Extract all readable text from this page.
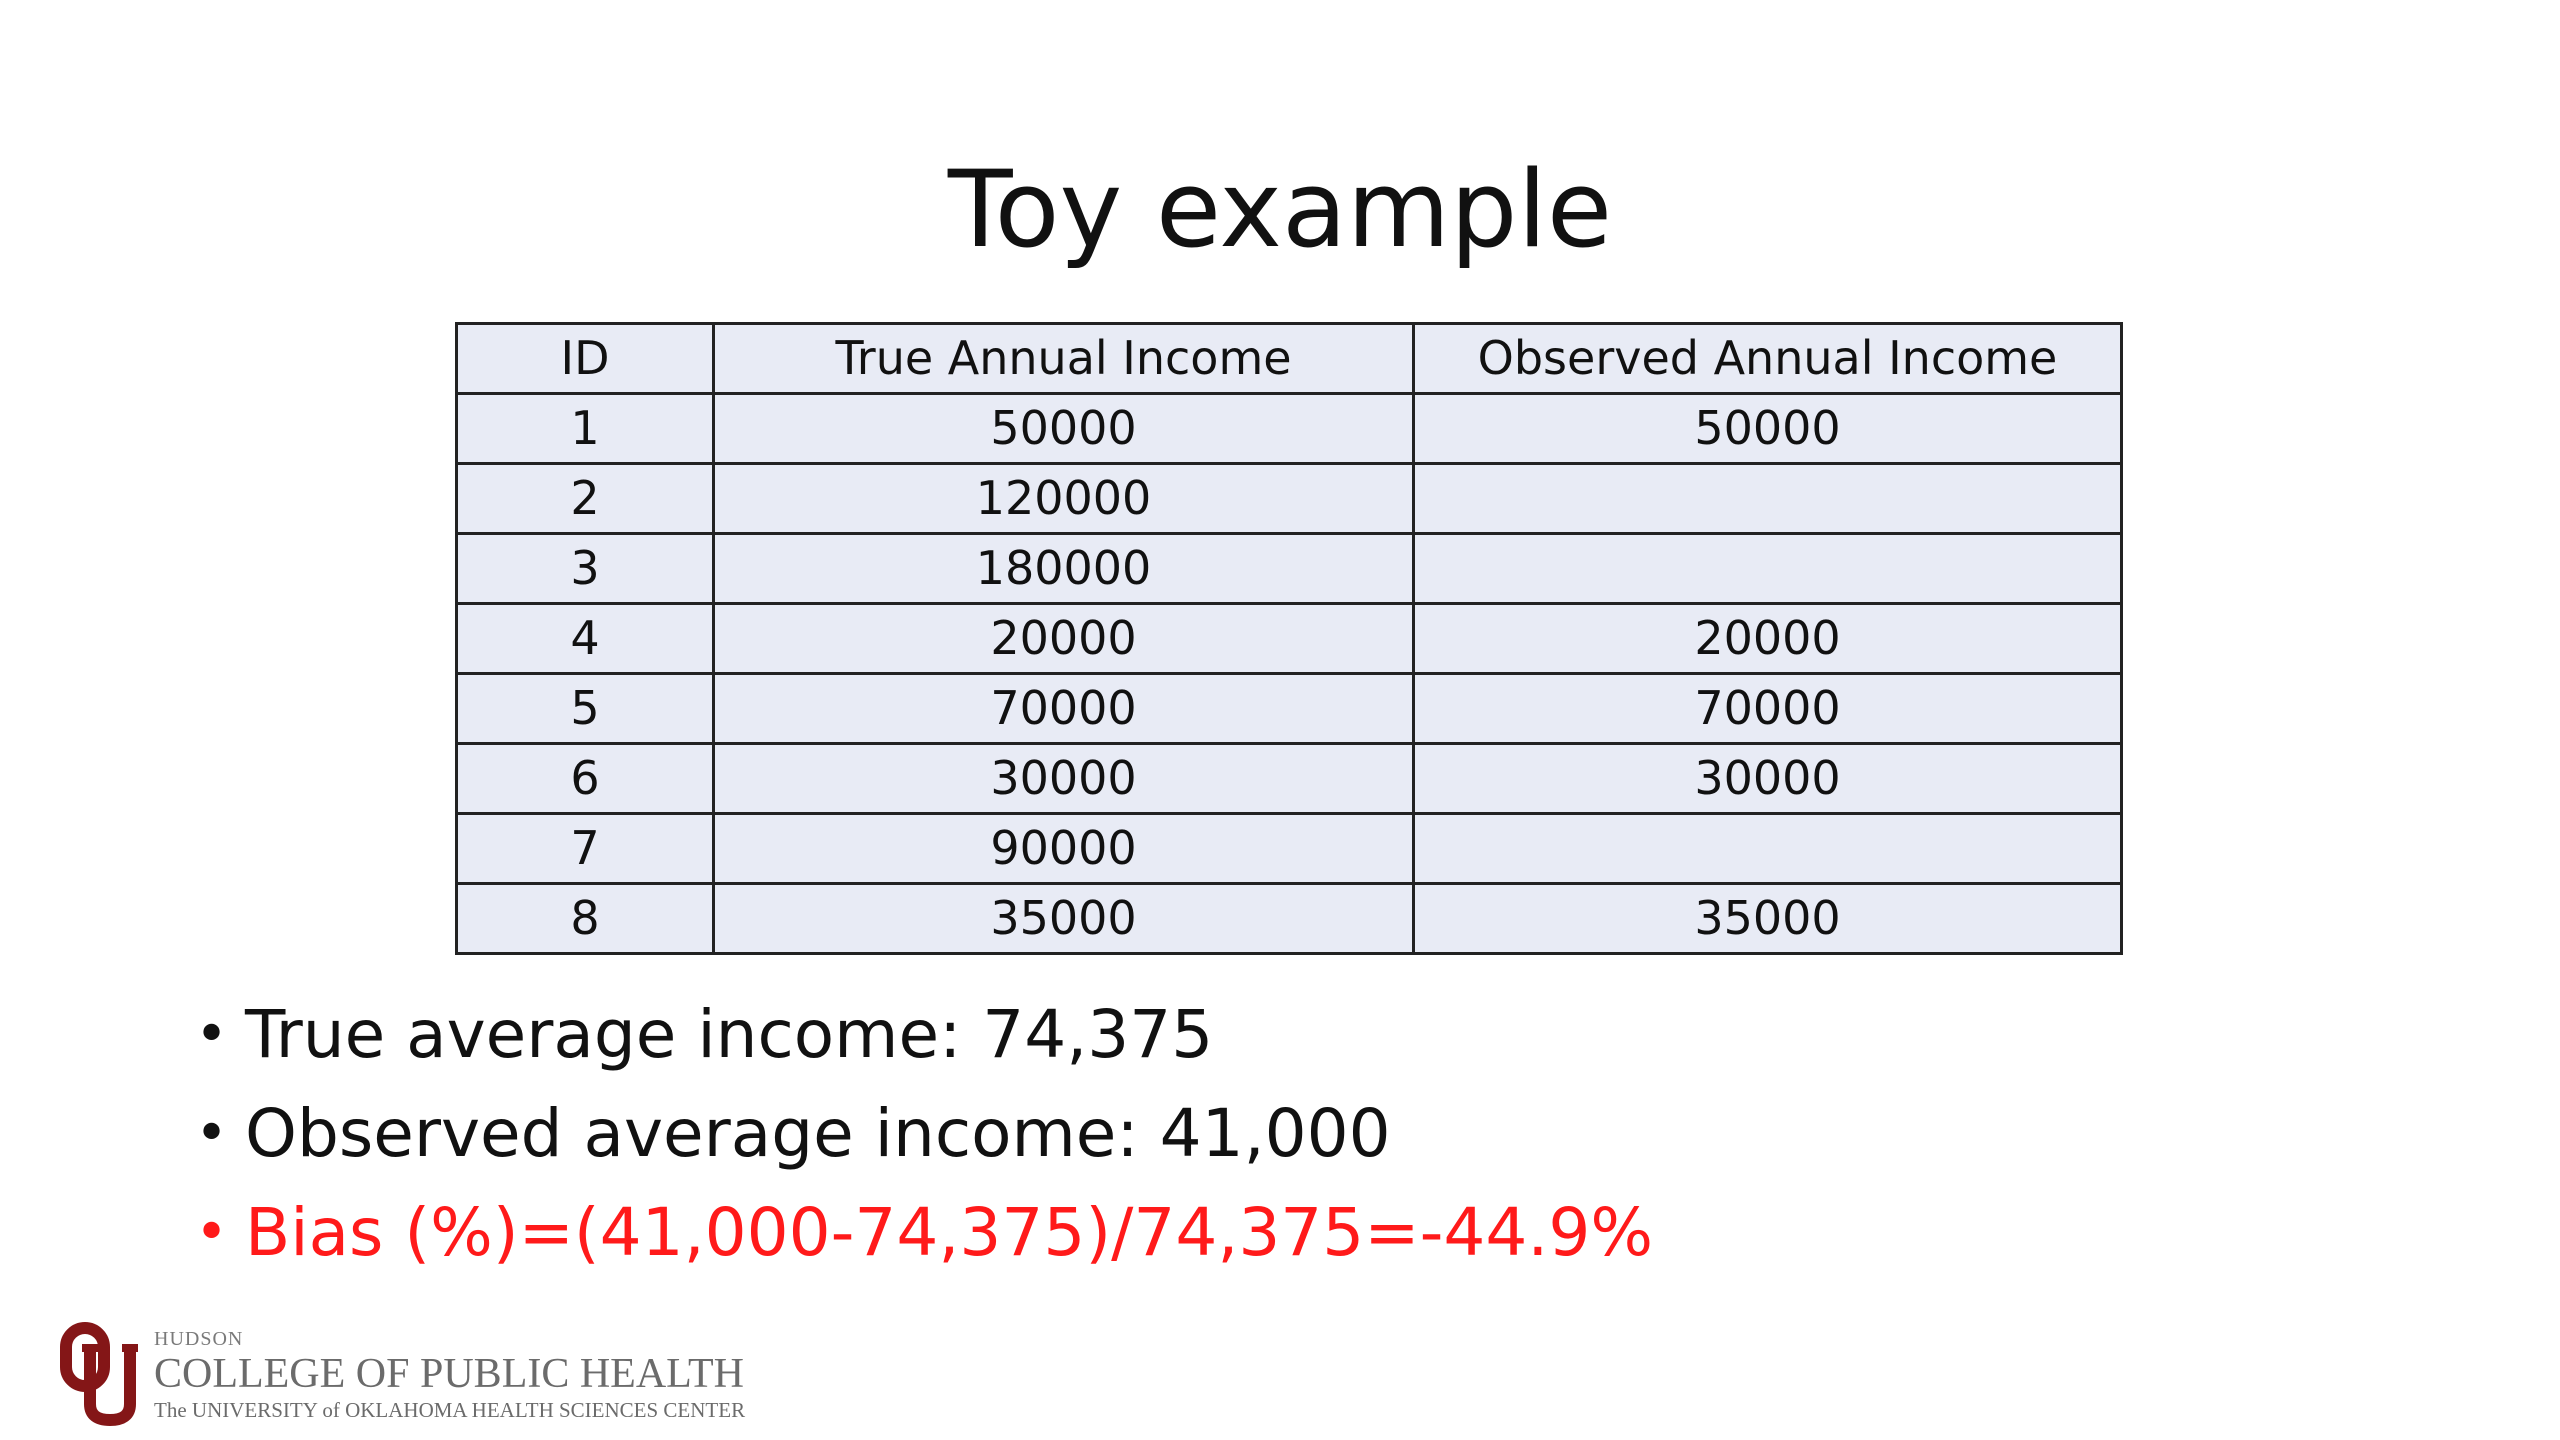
Toy example
ID	True Annual Income	Observed Annual Income
1	50000	50000
2	120000	
3	180000	
4	20000	20000
5	70000	70000
6	30000	30000
7	90000	
8	35000	35000
• True average income: 74,375
• Observed average income: 41,000
• Bias (%)=(41,000-74,375)/74,375=-44.9%
HUDSON
COLLEGE OF PUBLIC HEALTH
The UNIVERSITY of OKLAHOMA HEALTH SCIENCES CENTER
